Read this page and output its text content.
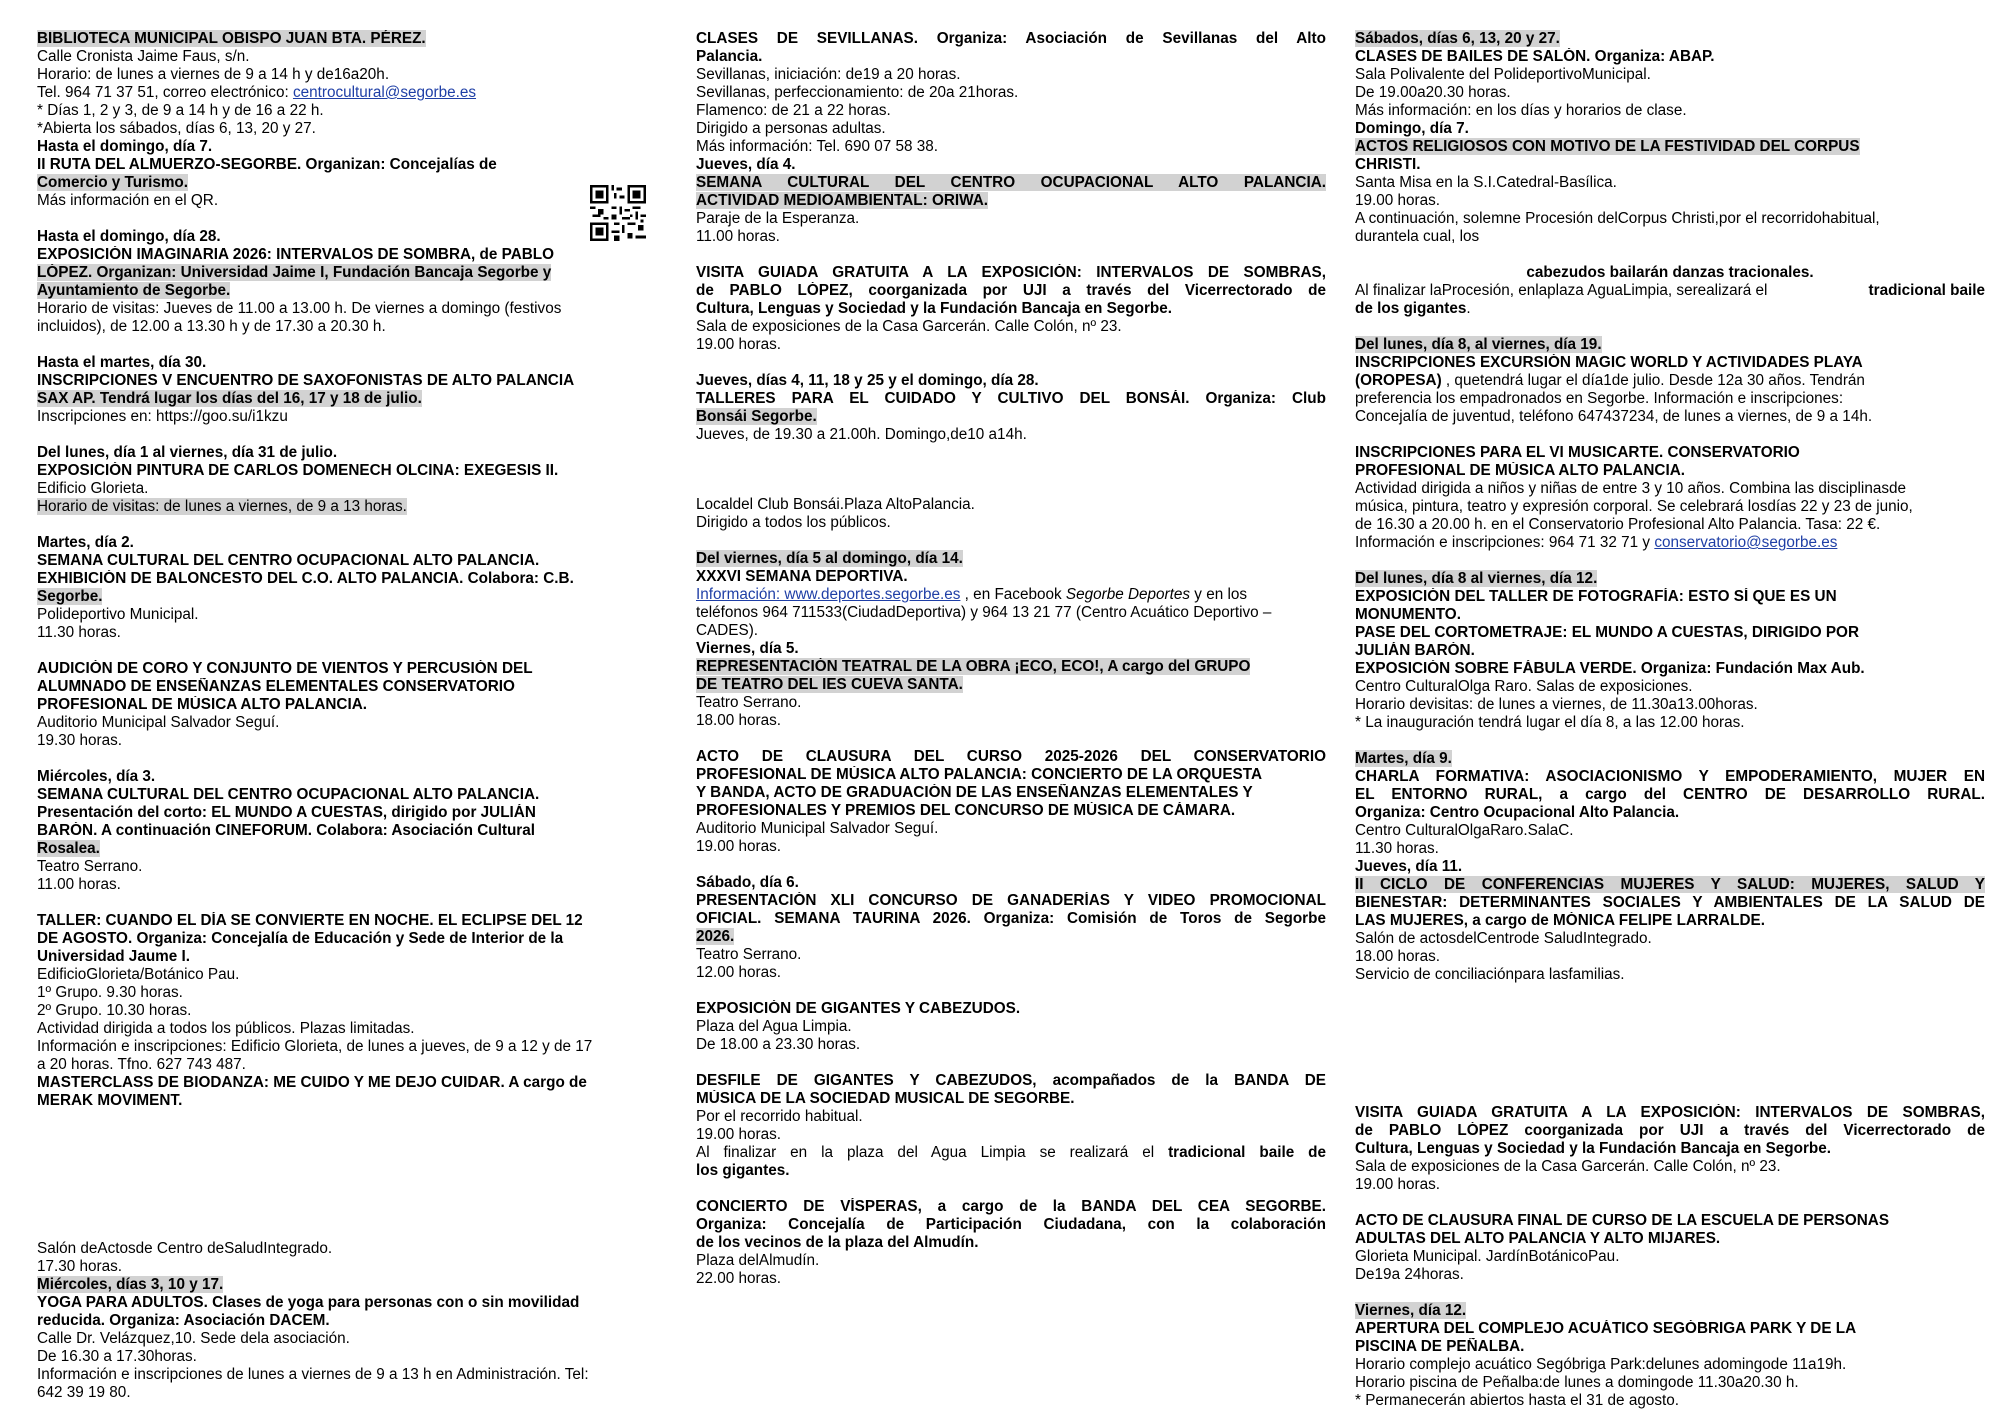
BIBLIOTECA MUNICIPAL OBISPO JUAN BTA. PÉREZ.
Calle Cronista Jaime Faus, s/n.
Horario: de lunes a viernes de 9 a 14 h y de16a20h.
Tel. 964 71 37 51, correo electrónico: centrocultural@segorbe.es
* Días 1, 2 y 3, de 9 a 14 h y de 16 a 22 h.
*Abierta los sábados, días 6, 13, 20 y 27.
Hasta el domingo, día 7.
II RUTA DEL ALMUERZO-SEGORBE. Organizan: Concejalías de
Comercio y Turismo.
Más información en el QR.

Hasta el domingo, día 28.
EXPOSICIÓN IMAGINARIA 2026: INTERVALOS DE SOMBRA, de PABLO
LÓPEZ. Organizan: Universidad Jaime I, Fundación Bancaja Segorbe y
Ayuntamiento de Segorbe.
Horario de visitas: Jueves de 11.00 a 13.00 h. De viernes a domingo (festivos
incluidos), de 12.00 a 13.30 h y de 17.30 a 20.30 h.

Hasta el martes, día 30.
INSCRIPCIONES V ENCUENTRO DE SAXOFONISTAS DE ALTO PALANCIA
SAX AP. Tendrá lugar los días del 16, 17 y 18 de julio.
Inscripciones en: https://goo.su/i1kzu

Del lunes, día 1 al viernes, día 31 de julio.
EXPOSICIÓN PINTURA DE CARLOS DOMENECH OLCINA: EXEGESIS II.
Edificio Glorieta.
Horario de visitas: de lunes a viernes, de 9 a 13 horas.

Martes, día 2.
SEMANA CULTURAL DEL CENTRO OCUPACIONAL ALTO PALANCIA.
EXHIBICIÓN DE BALONCESTO DEL C.O. ALTO PALANCIA. Colabora: C.B.
Segorbe.
Polideportivo Municipal.
11.30 horas.

AUDICIÓN DE CORO Y CONJUNTO DE VIENTOS Y PERCUSIÓN DEL
ALUMNADO DE ENSEÑANZAS ELEMENTALES CONSERVATORIO
PROFESIONAL DE MÚSICA ALTO PALANCIA.
Auditorio Municipal Salvador Seguí.
19.30 horas.

Miércoles, día 3.
SEMANA CULTURAL DEL CENTRO OCUPACIONAL ALTO PALANCIA.
Presentación del corto: EL MUNDO A CUESTAS, dirigido por JULIÁN
BARÓN. A continuación CINEFORUM. Colabora: Asociación Cultural
Rosalea.
Teatro Serrano.
11.00 horas.

TALLER: CUANDO EL DÍA SE CONVIERTE EN NOCHE. EL ECLIPSE DEL 12
DE AGOSTO. Organiza: Concejalía de Educación y Sede de Interior de la
Universidad Jaume I.
EdificioGlorieta/Botánico Pau.
1º Grupo. 9.30 horas.
2º Grupo. 10.30 horas.
Actividad dirigida a todos los públicos. Plazas limitadas.
Información e inscripciones: Edificio Glorieta, de lunes a jueves, de 9 a 12 y de 17
a 20 horas. Tfno. 627 743 487.
MASTERCLASS DE BIODANZA: ME CUIDO Y ME DEJO CUIDAR. A cargo de
MERAK MOVIMENT.
Salón deActosde Centro deSaludIntegrado.
17.30 horas.
Miércoles, días 3, 10 y 17.
YOGA PARA ADULTOS. Clases de yoga para personas con o sin movilidad
reducida. Organiza: Asociación DACEM.
Calle Dr. Velázquez,10. Sede dela asociación.
De 16.30 a 17.30horas.
Información e inscripciones de lunes a viernes de 9 a 13 h en Administración. Tel:
642 39 19 80.
CLASES DE SEVILLANAS. Organiza: Asociación de Sevillanas del Alto
Palancia.
Sevillanas, iniciación: de19 a 20 horas.
Sevillanas, perfeccionamiento: de 20a 21horas.
Flamenco: de 21 a 22 horas.
Dirigido a personas adultas.
Más información: Tel. 690 07 58 38.
Jueves, día 4.
SEMANA CULTURAL DEL CENTRO OCUPACIONAL ALTO PALANCIA.
ACTIVIDAD MEDIOAMBIENTAL: ORIWA.
Paraje de la Esperanza.
11.00 horas.

VISITA GUIADA GRATUITA A LA EXPOSICIÓN: INTERVALOS DE SOMBRAS,
de PABLO LÓPEZ, coorganizada por UJI a través del Vicerrectorado de
Cultura, Lenguas y Sociedad y la Fundación Bancaja en Segorbe.
Sala de exposiciones de la Casa Garcerán. Calle Colón, nº 23.
19.00 horas.

Jueves, días 4, 11, 18 y 25 y el domingo, día 28.
TALLERES PARA EL CUIDADO Y CULTIVO DEL BONSÁI. Organiza: Club
Bonsái Segorbe.
Jueves, de 19.30 a 21.00h. Domingo,de10 a14h.
Localdel Club Bonsái.Plaza AltoPalancia.
Dirigido a todos los públicos.

Del viernes, día 5 al domingo, día 14.
XXXVI SEMANA DEPORTIVA.
Información: www.deportes.segorbe.es , en Facebook Segorbe Deportes y en los
teléfonos 964 711533(CiudadDeportiva) y 964 13 21 77 (Centro Acuático Deportivo –
CADES).
Viernes, día 5.
REPRESENTACIÓN TEATRAL DE LA OBRA ¡ECO, ECO!, A cargo del GRUPO
DE TEATRO DEL IES CUEVA SANTA.
Teatro Serrano.
18.00 horas.

ACTO DE CLAUSURA DEL CURSO 2025-2026 DEL CONSERVATORIO
PROFESIONAL DE MÚSICA ALTO PALANCIA: CONCIERTO DE LA ORQUESTA
Y BANDA, ACTO DE GRADUACIÓN DE LAS ENSEÑANZAS ELEMENTALES Y
PROFESIONALES Y PREMIOS DEL CONCURSO DE MÚSICA DE CÁMARA.
Auditorio Municipal Salvador Seguí.
19.00 horas.

Sábado, día 6.
PRESENTACIÓN XLI CONCURSO DE GANADERÍAS Y VIDEO PROMOCIONAL
OFICIAL. SEMANA TAURINA 2026. Organiza: Comisión de Toros de Segorbe
2026.
Teatro Serrano.
12.00 horas.

EXPOSICIÓN DE GIGANTES Y CABEZUDOS.
Plaza del Agua Limpia.
De 18.00 a 23.30 horas.

DESFILE DE GIGANTES Y CABEZUDOS, acompañados de la BANDA DE
MÚSICA DE LA SOCIEDAD MUSICAL DE SEGORBE.
Por el recorrido habitual.
19.00 horas.
Al finalizar en la plaza del Agua Limpia se realizará el tradicional baile de
los gigantes.

CONCIERTO DE VÍSPERAS, a cargo de la BANDA DEL CEA SEGORBE.
Organiza: Concejalía de Participación Ciudadana, con la colaboración
de los vecinos de la plaza del Almudín.
Plaza delAlmudín.
22.00 horas.
Sábados, días 6, 13, 20 y 27.
CLASES DE BAILES DE SALÓN. Organiza: ABAP.
Sala Polivalente del PolideportivoMunicipal.
De 19.00a20.30 horas.
Más información: en los días y horarios de clase.
Domingo, día 7.
ACTOS RELIGIOSOS CON MOTIVO DE LA FESTIVIDAD DEL CORPUS
CHRISTI.
Santa Misa en la S.I.Catedral-Basílica.
19.00 horas.
A continuación, solemne Procesión delCorpus Christi,por el recorridohabitual,
durantela cual, los

cabezudos bailarán danzas tracionales.
Al finalizar laProcesión, enlaplaza AguaLimpia, serealizará el	tradicional baile
de los gigantes.

Del lunes, día 8, al viernes, día 19.
INSCRIPCIONES EXCURSIÓN MAGIC WORLD Y ACTIVIDADES PLAYA
(OROPESA) , quetendrá lugar el día1de julio. Desde 12a 30 años. Tendrán
preferencia los empadronados en Segorbe. Información e inscripciones:
Concejalía de juventud, teléfono 647437234, de lunes a viernes, de 9 a 14h.

INSCRIPCIONES PARA EL VI MUSICARTE. CONSERVATORIO
PROFESIONAL DE MÚSICA ALTO PALANCIA.
Actividad dirigida a niños y niñas de entre 3 y 10 años. Combina las disciplinasde
música, pintura, teatro y expresión corporal. Se celebrará losdías 22 y 23 de junio,
de 16.30 a 20.00 h. en el Conservatorio Profesional Alto Palancia. Tasa: 22 €.
Información e inscripciones: 964 71 32 71 y conservatorio@segorbe.es

Del lunes, día 8 al viernes, día 12.
EXPOSICIÓN DEL TALLER DE FOTOGRAFÍA: ESTO SÍ QUE ES UN
MONUMENTO.
PASE DEL CORTOMETRAJE: EL MUNDO A CUESTAS, DIRIGIDO POR
JULIÁN BARÓN.
EXPOSICIÓN SOBRE FÁBULA VERDE. Organiza: Fundación Max Aub.
Centro CulturalOlga Raro. Salas de exposiciones.
Horario devisitas: de lunes a viernes, de 11.30a13.00horas.
* La inauguración tendrá lugar el día 8, a las 12.00 horas.

Martes, día 9.
CHARLA FORMATIVA: ASOCIACIONISMO Y EMPODERAMIENTO, MUJER EN
EL ENTORNO RURAL, a cargo del CENTRO DE DESARROLLO RURAL.
Organiza: Centro Ocupacional Alto Palancia.
Centro CulturalOlgaRaro.SalaC.
11.30 horas.
Jueves, día 11.
II CICLO DE CONFERENCIAS MUJERES Y SALUD: MUJERES, SALUD Y
BIENESTAR: DETERMINANTES SOCIALES Y AMBIENTALES DE LA SALUD DE
LAS MUJERES, a cargo de MÓNICA FELIPE LARRALDE.
Salón de actosdelCentrode SaludIntegrado.
18.00 horas.
Servicio de conciliaciónpara lasfamilias.
VISITA GUIADA GRATUITA A LA EXPOSICIÓN: INTERVALOS DE SOMBRAS,
de PABLO LÓPEZ coorganizada por UJI a través del Vicerrectorado de
Cultura, Lenguas y Sociedad y la Fundación Bancaja en Segorbe.
Sala de exposiciones de la Casa Garcerán. Calle Colón, nº 23.
19.00 horas.

ACTO DE CLAUSURA FINAL DE CURSO DE LA ESCUELA DE PERSONAS
ADULTAS DEL ALTO PALANCIA Y ALTO MIJARES.
Glorieta Municipal. JardínBotánicoPau.
De19a 24horas.

Viernes, día 12.
APERTURA DEL COMPLEJO ACUÁTICO SEGÓBRIGA PARK Y DE LA
PISCINA DE PEÑALBA.
Horario complejo acuático Segóbriga Park:delunes adomingode 11a19h.
Horario piscina de Peñalba:de lunes a domingode 11.30a20.30 h.
* Permanecerán abiertos hasta el 31 de agosto.
